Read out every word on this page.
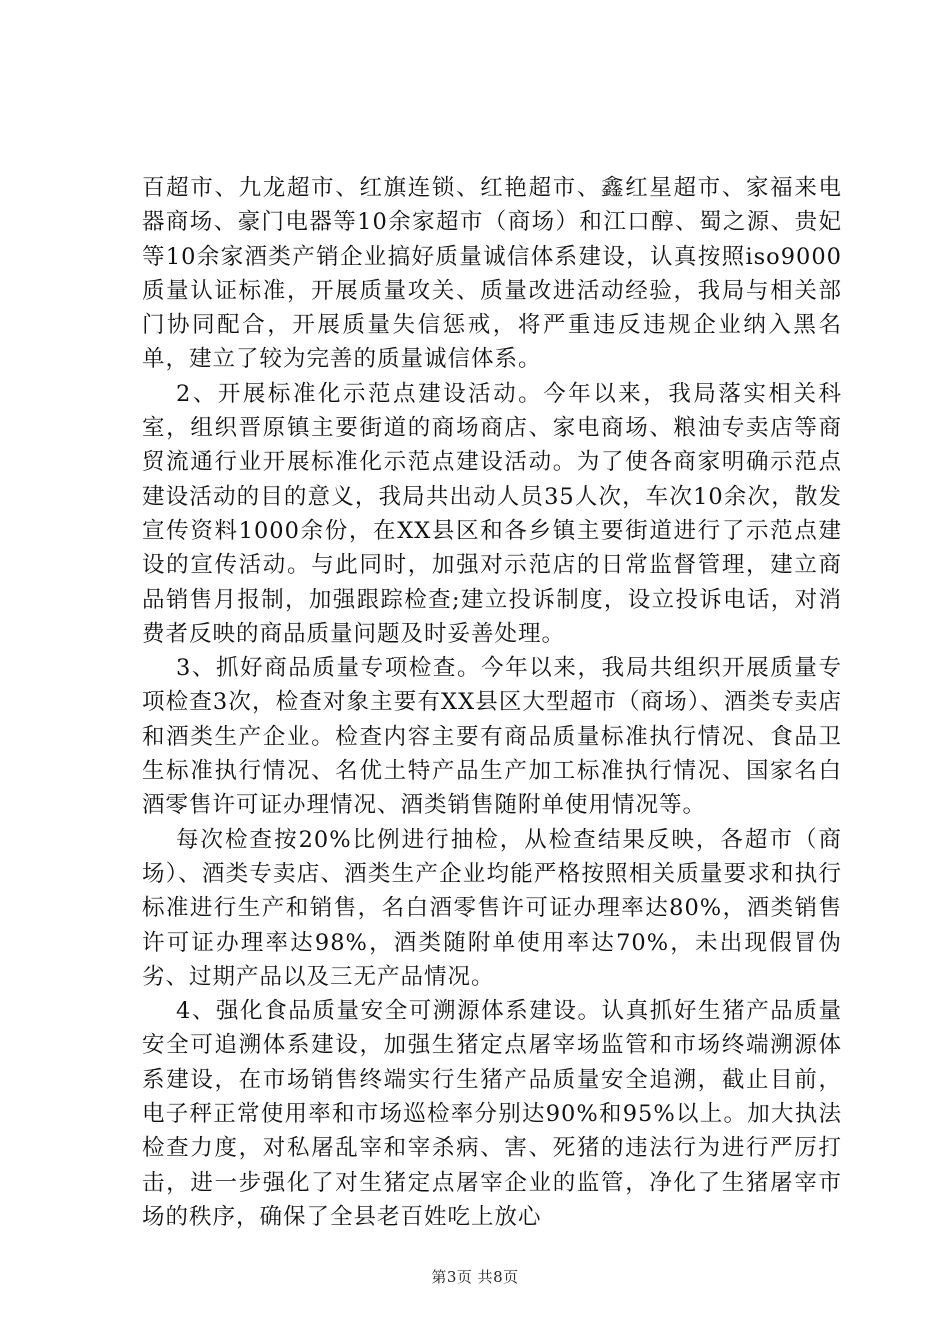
百超市、九龙超市、红旗连锁、红艳超市、鑫红星超市、家福来电器商场、豪门电器等10余家超市（商场）和江口醇、蜀之源、贵妃等10余家酒类产销企业搞好质量诚信体系建设，认真按照iso9000质量认证标准，开展质量攻关、质量改进活动经验，我局与相关部门协同配合，开展质量失信惩戒，将严重违反违规企业纳入黑名单，建立了较为完善的质量诚信体系。

2、开展标准化示范点建设活动。今年以来，我局落实相关科室，组织晋原镇主要街道的商场商店、家电商场、粮油专卖店等商贸流通行业开展标准化示范点建设活动。为了使各商家明确示范点建设活动的目的意义，我局共出动人员35人次，车次10余次，散发宣传资料1000余份，在XX县区和各乡镇主要街道进行了示范点建设的宣传活动。与此同时，加强对示范店的日常监督管理，建立商品销售月报制，加强跟踪检查;建立投诉制度，设立投诉电话，对消费者反映的商品质量问题及时妥善处理。

3、抓好商品质量专项检查。今年以来，我局共组织开展质量专项检查3次，检查对象主要有XX县区大型超市（商场）、酒类专卖店和酒类生产企业。检查内容主要有商品质量标准执行情况、食品卫生标准执行情况、名优土特产品生产加工标准执行情况、国家名白酒零售许可证办理情况、酒类销售随附单使用情况等。

每次检查按20%比例进行抽检，从检查结果反映，各超市（商场）、酒类专卖店、酒类生产企业均能严格按照相关质量要求和执行标准进行生产和销售，名白酒零售许可证办理率达80%，酒类销售许可证办理率达98%，酒类随附单使用率达70%，未出现假冒伪劣、过期产品以及三无产品情况。

4、强化食品质量安全可溯源体系建设。认真抓好生猪产品质量安全可追溯体系建设，加强生猪定点屠宰场监管和市场终端溯源体系建设，在市场销售终端实行生猪产品质量安全追溯，截止目前，电子秤正常使用率和市场巡检率分别达90%和95%以上。加大执法检查力度，对私屠乱宰和宰杀病、害、死猪的违法行为进行严厉打击，进一步强化了对生猪定点屠宰企业的监管，净化了生猪屠宰市场的秩序，确保了全县老百姓吃上放心

第3页 共8页
